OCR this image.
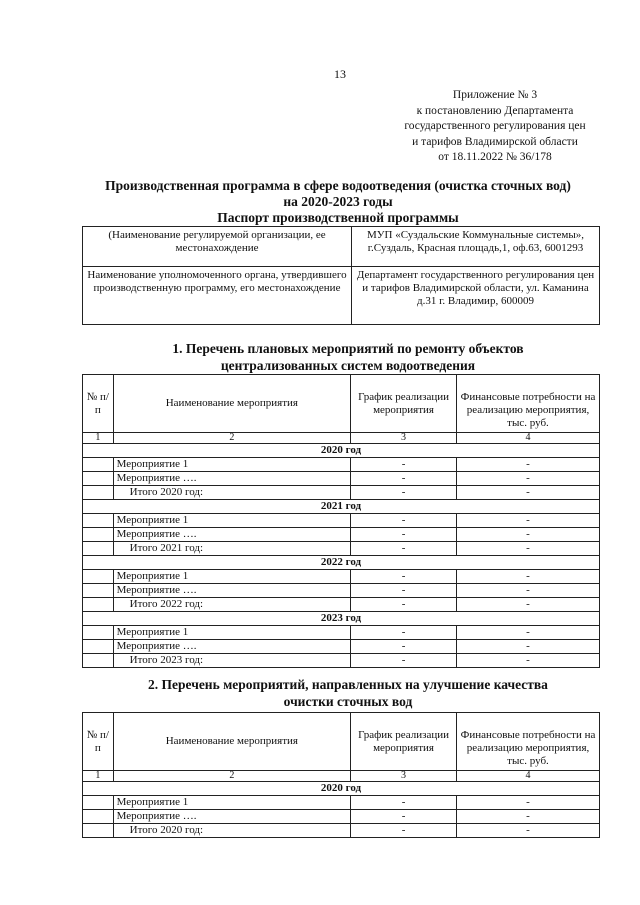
13
Приложение № 3
к постановлению Департамента
государственного регулирования цен
и тарифов Владимирской области
от 18.11.2022 № 36/178
Производственная программа в сфере водоотведения (очистка сточных вод)
на 2020-2023 годы
Паспорт производственной программы
(Наименование регулируемой организации, ее местонахождение	МУП «Суздальские Коммунальные системы», г.Суздаль, Красная площадь,1, оф.63, 6001293
Наименование уполномоченного органа, утвердившего производственную программу, его местонахождение	Департамент государственного регулирования цен и тарифов Владимирской области, ул. Каманина д.31 г. Владимир, 600009
1. Перечень плановых мероприятий по ремонту объектов
централизованных систем водоотведения
№ п/п	Наименование мероприятия	График реализации мероприятия	Финансовые потребности на реализацию мероприятия, тыс. руб.
1	2	3	4
2020 год			
	Мероприятие 1	-	-
	Мероприятие ….	-	-
	Итого 2020 год:	-	-
2021 год			
	Мероприятие 1	-	-
	Мероприятие ….	-	-
	Итого 2021 год:	-	-
2022 год			
	Мероприятие 1	-	-
	Мероприятие ….	-	-
	Итого 2022 год:	-	-
2023 год			
	Мероприятие 1	-	-
	Мероприятие ….	-	-
	Итого 2023 год:	-	-
2. Перечень мероприятий, направленных на улучшение качества
очистки сточных вод
№ п/п	Наименование мероприятия	График реализации мероприятия	Финансовые потребности на реализацию мероприятия, тыс. руб.
1	2	3	4
2020 год			
	Мероприятие 1	-	-
	Мероприятие ….	-	-
	Итого 2020 год:	-	-
